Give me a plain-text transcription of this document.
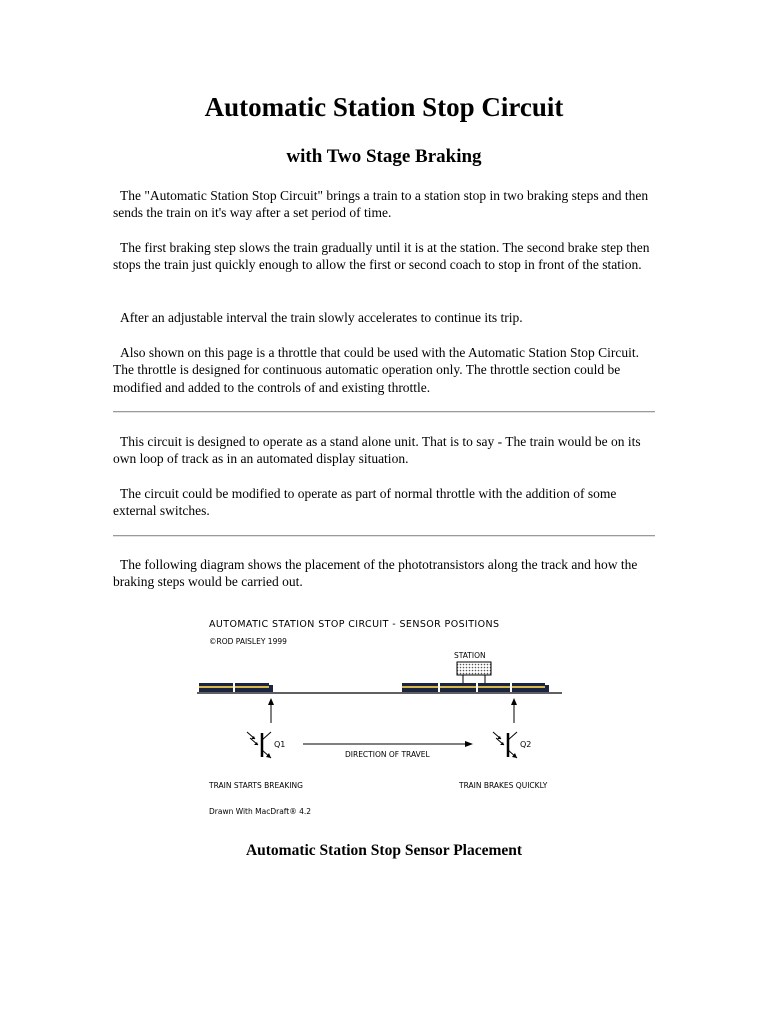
Automatic Station Stop Circuit
with Two Stage Braking

The "Automatic Station Stop Circuit" brings a train to a station stop in two braking steps and then sends the train on it's way after a set period of time.

The first braking step slows the train gradually until it is at the station. The second brake step then stops the train just quickly enough to allow the first or second coach to stop in front of the station.

After an adjustable interval the train slowly accelerates to continue its trip.

Also shown on this page is a throttle that could be used with the Automatic Station Stop Circuit. The throttle is designed for continuous automatic operation only. The throttle section could be modified and added to the controls of and existing throttle.

This circuit is designed to operate as a stand alone unit. That is to say - The train would be on its own loop of track as in an automated display situation.

The circuit could be modified to operate as part of normal throttle with the addition of some external switches.

The following diagram shows the placement of the phototransistors along the track and how the braking steps would be carried out.

AUTOMATIC STATION STOP CIRCUIT - SENSOR POSITIONS
©ROD PAISLEY 1999
STATION
Q1
DIRECTION OF TRAVEL
Q2
TRAIN STARTS BREAKING	TRAIN BRAKES QUICKLY
Drawn With MacDraft® 4.2

Automatic Station Stop Sensor Placement
